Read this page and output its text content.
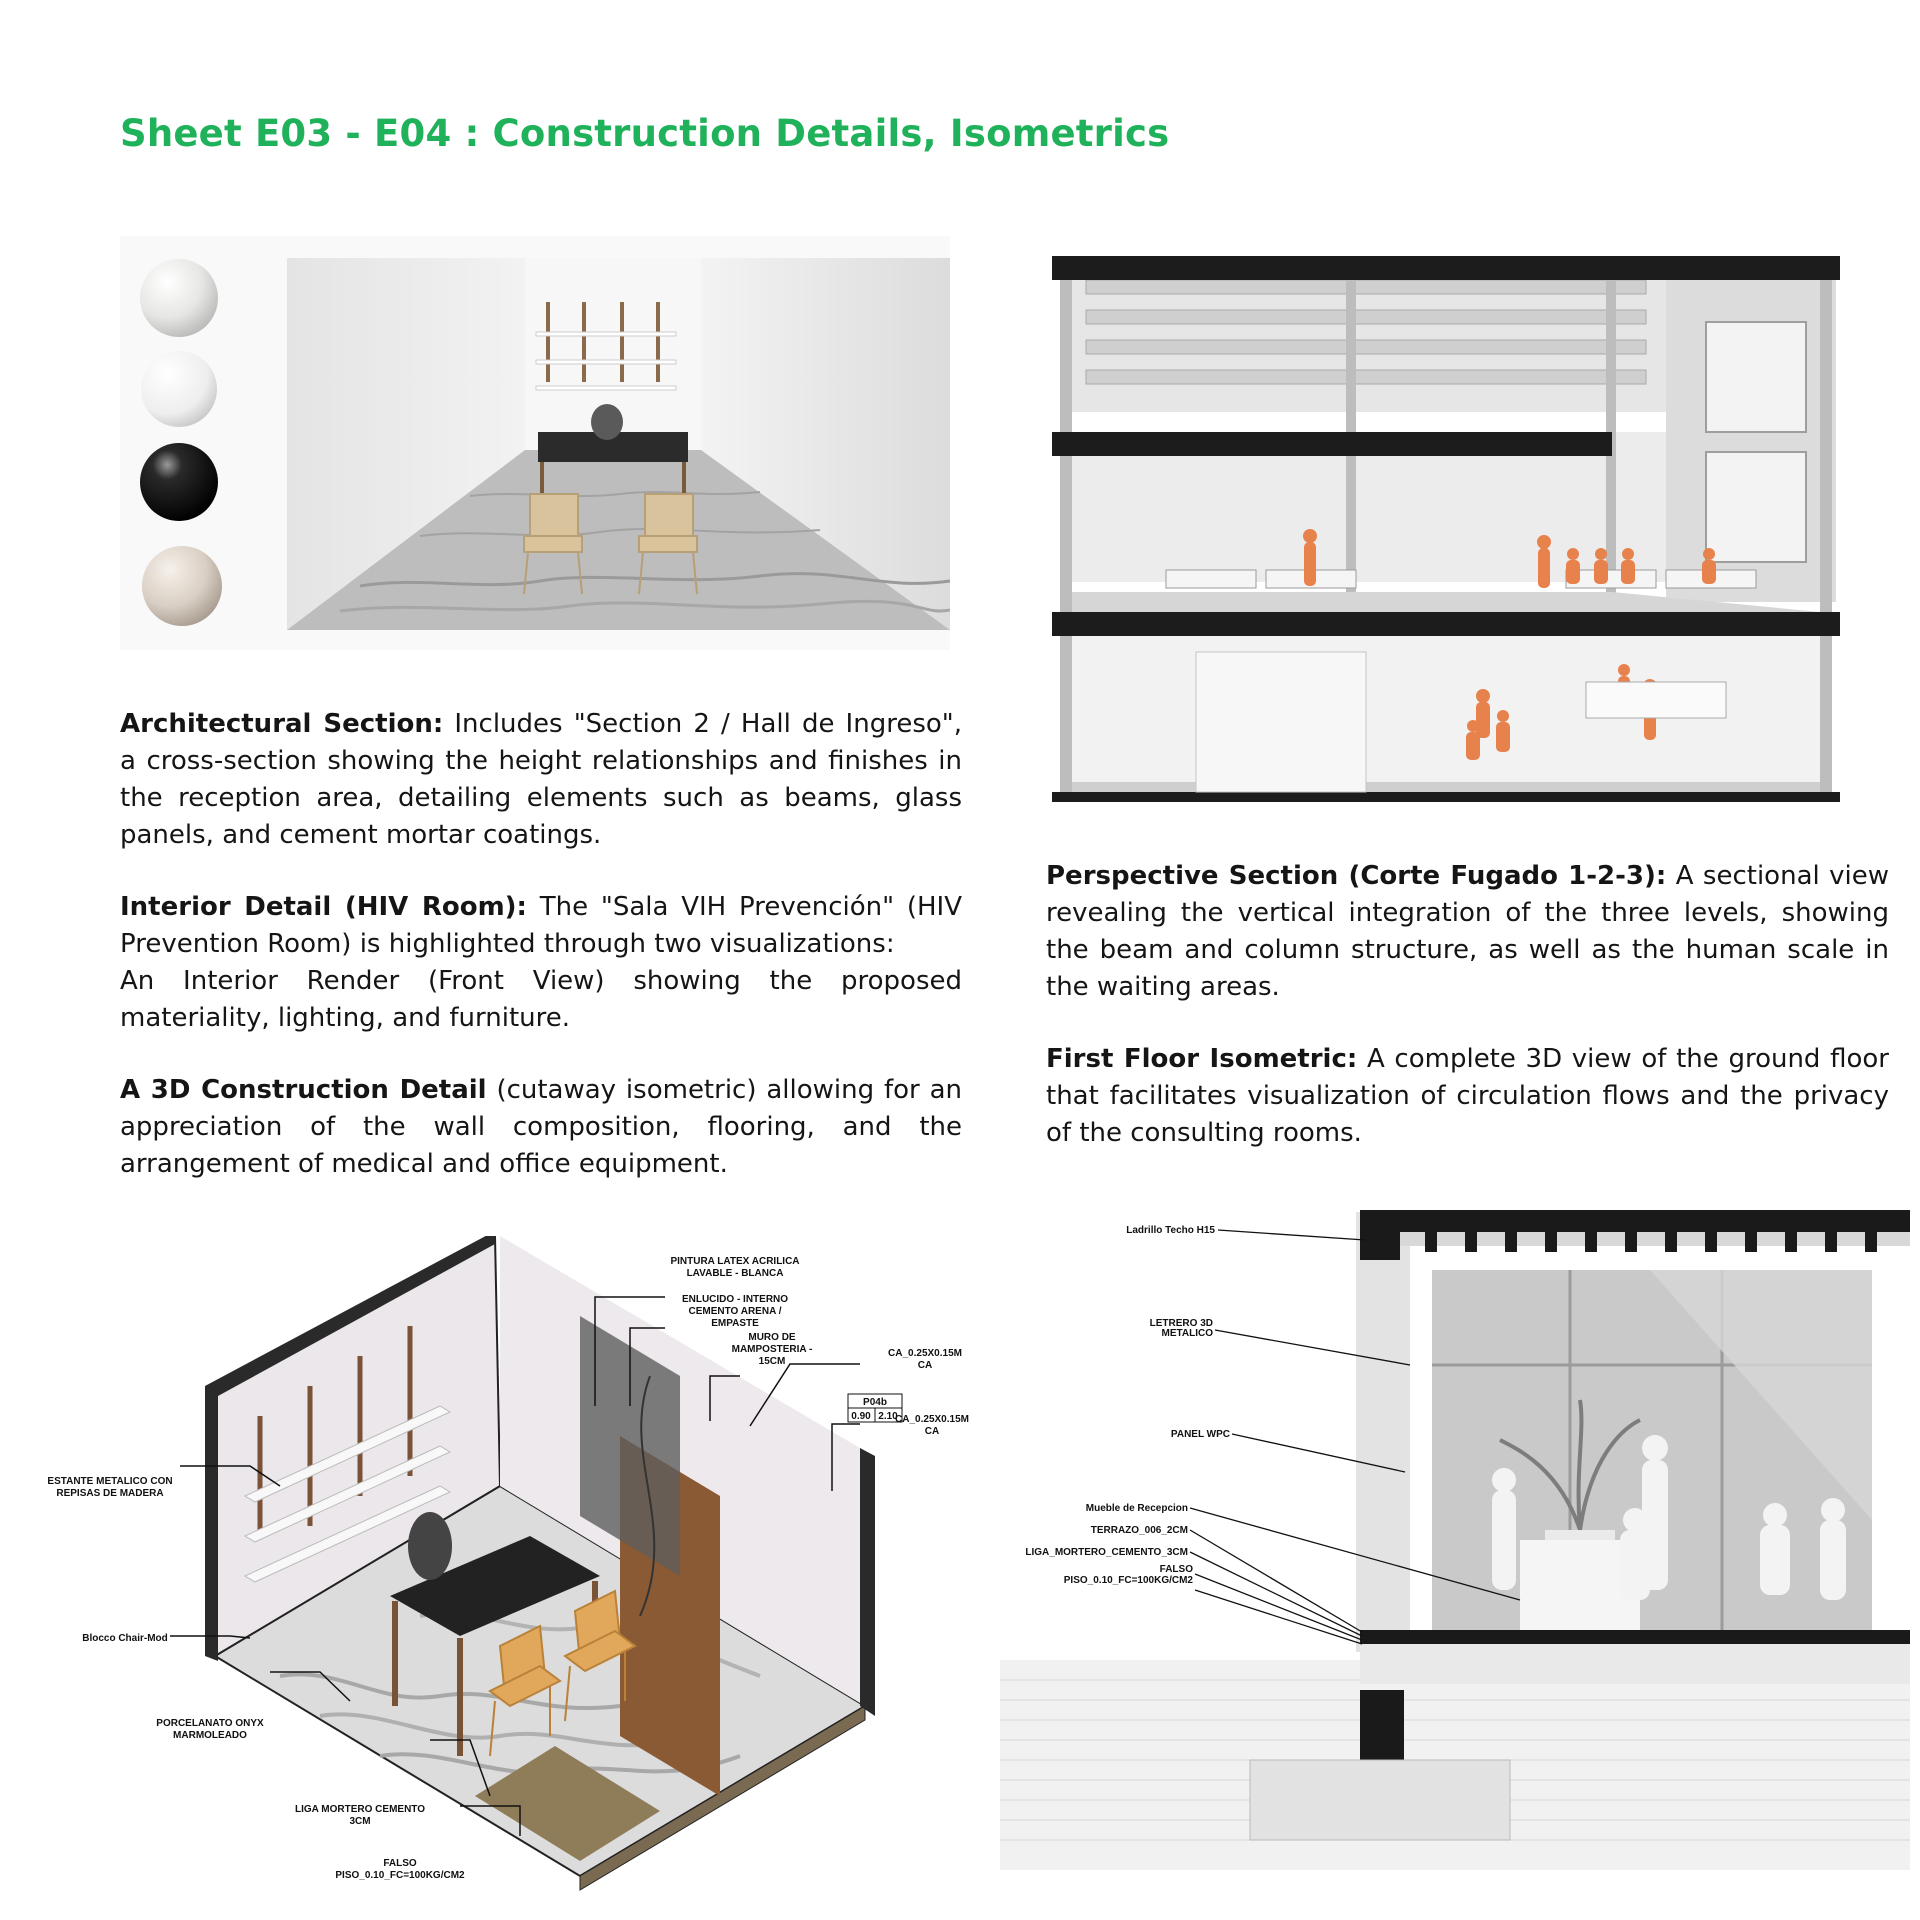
Sheet E03 - E04 : Construction Details, Isometrics

Architectural Section: Includes "Section 2 / Hall de Ingreso", a cross-section showing the height relationships and finishes in the reception area, detailing elements such as beams, glass panels, and cement mortar coatings.

Interior Detail (HIV Room): The "Sala VIH Prevención" (HIV Prevention Room) is highlighted through two visualizations:
An Interior Render (Front View) showing the proposed materiality, lighting, and furniture.

A 3D Construction Detail (cutaway isometric) allowing for an appreciation of the wall composition, flooring, and the arrangement of medical and office equipment.

Perspective Section (Corte Fugado 1-2-3): A sectional view revealing the vertical integration of the three levels, showing the beam and column structure, as well as the human scale in the waiting areas.

First Floor Isometric: A complete 3D view of the ground floor that facilitates visualization of circulation flows and the privacy of the consulting rooms.

P04b
0.90 2.10
PINTURA LATEX ACRILICA LAVABLE - BLANCA
ENLUCIDO - INTERNO CEMENTO ARENA / EMPASTE
MURO DE MAMPOSTERIA -15CM
CA_0.25X0.15M CA
CA_0.25X0.15M CA
ESTANTE METALICO CON REPISAS DE MADERA
Blocco Chair-Mod
PORCELANATO ONYX MARMOLEADO
LIGA MORTERO CEMENTO 3CM
FALSO PISO_0.10_FC=100KG/CM2
Ladrillo Techo H15
LETRERO 3D METALICO
PANEL WPC
Mueble de Recepcion
TERRAZO_006_2CM
LIGA_MORTERO_CEMENTO_3CM
FALSO PISO_0.10_FC=100KG/CM2
